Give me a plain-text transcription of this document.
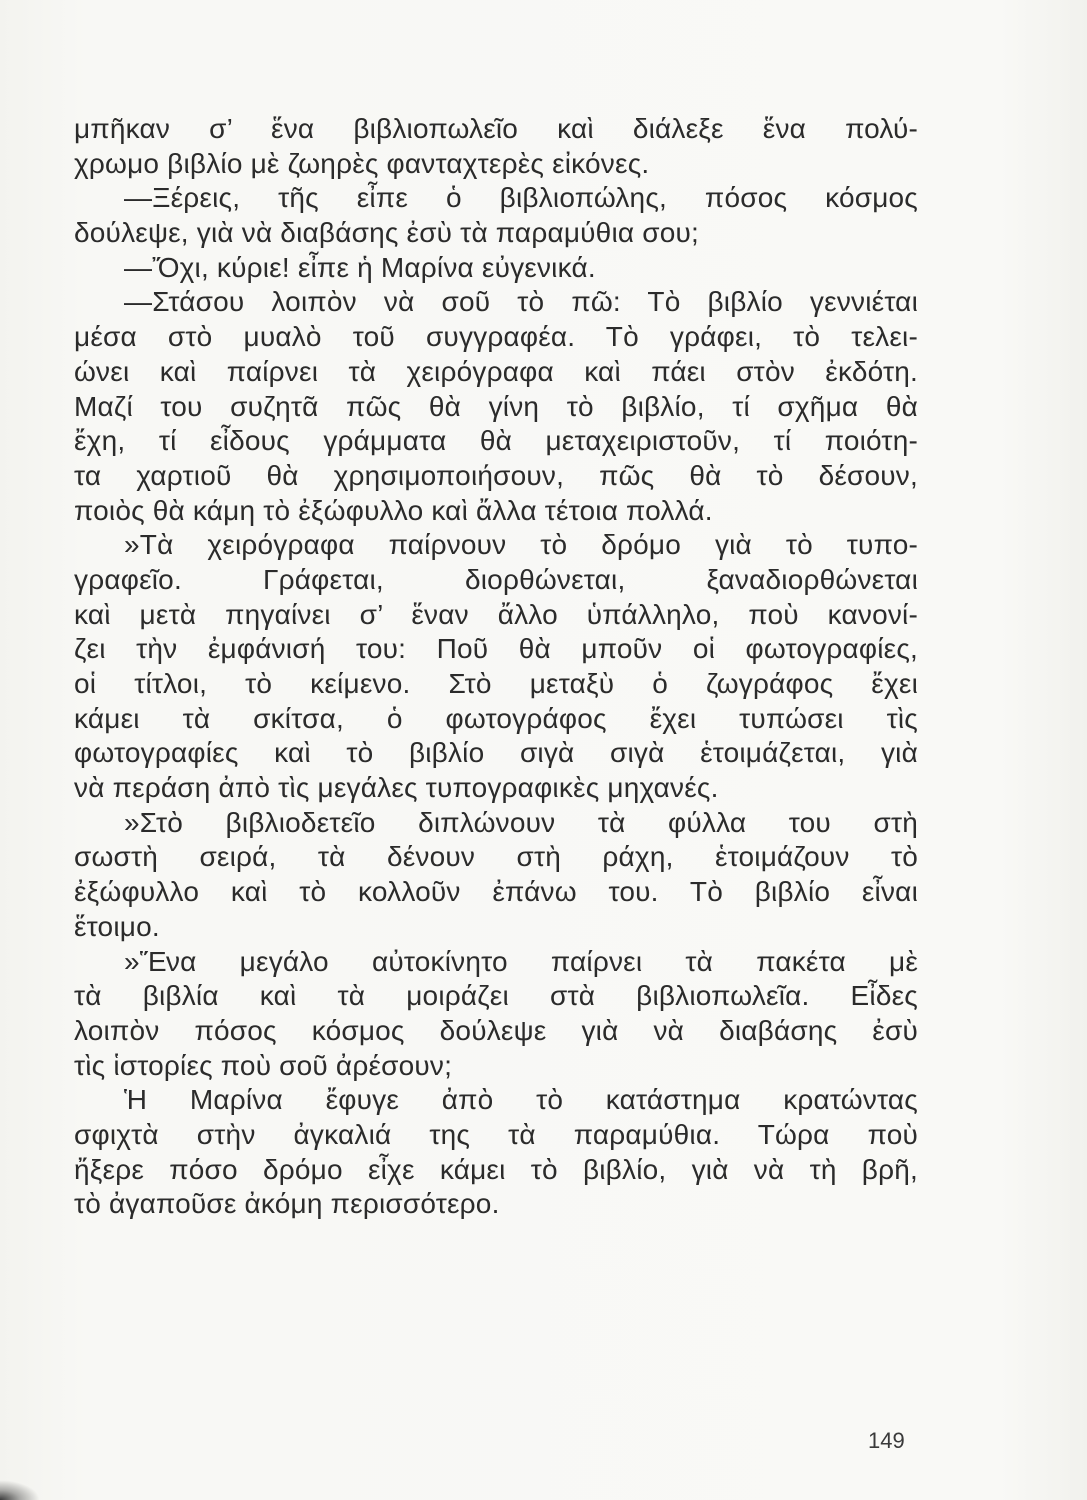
μπῆκαν σ’ ἕνα βιβλιοπωλεῖο καὶ διάλεξε ἕνα πολύ-
χρωμο βιβλίο μὲ ζωηρὲς φανταχτερὲς εἰκόνες.
—Ξέρεις, τῆς εἶπε ὁ βιβλιοπώλης, πόσος κόσμος
δούλεψε, γιὰ νὰ διαβάσης ἐσὺ τὰ παραμύθια σου;
—Ὄχι, κύριε! εἶπε ἡ Μαρίνα εὐγενικά.
—Στάσου λοιπὸν νὰ σοῦ τὸ πῶ: Τὸ βιβλίο γεννιέται
μέσα στὸ μυαλὸ τοῦ συγγραφέα. Τὸ γράφει, τὸ τελει-
ώνει καὶ παίρνει τὰ χειρόγραφα καὶ πάει στὸν ἐκδότη.
Μαζί του συζητᾶ πῶς θὰ γίνη τὸ βιβλίο, τί σχῆμα θὰ
ἔχη, τί εἶδους γράμματα θὰ μεταχειριστοῦν, τί ποιότη-
τα χαρτιοῦ θὰ χρησιμοποιήσουν, πῶς θὰ τὸ δέσουν,
ποιὸς θὰ κάμη τὸ ἐξώφυλλο καὶ ἄλλα τέτοια πολλά.
»Τὰ χειρόγραφα παίρνουν τὸ δρόμο γιὰ τὸ τυπο-
γραφεῖο. Γράφεται, διορθώνεται, ξαναδιορθώνεται
καὶ μετὰ πηγαίνει σ’ ἕναν ἄλλο ὑπάλληλο, ποὺ κανονί-
ζει τὴν ἐμφάνισή του: Ποῦ θὰ μποῦν οἱ φωτογραφίες,
οἱ τίτλοι, τὸ κείμενο. Στὸ μεταξὺ ὁ ζωγράφος ἔχει
κάμει τὰ σκίτσα, ὁ φωτογράφος ἔχει τυπώσει τὶς
φωτογραφίες καὶ τὸ βιβλίο σιγὰ σιγὰ ἑτοιμάζεται, γιὰ
νὰ περάση ἀπὸ τὶς μεγάλες τυπογραφικὲς μηχανές.
»Στὸ βιβλιοδετεῖο διπλώνουν τὰ φύλλα του στὴ
σωστὴ σειρά, τὰ δένουν στὴ ράχη, ἑτοιμάζουν τὸ
ἐξώφυλλο καὶ τὸ κολλοῦν ἐπάνω του. Τὸ βιβλίο εἶναι
ἕτοιμο.
»Ἕνα μεγάλο αὐτοκίνητο παίρνει τὰ πακέτα μὲ
τὰ βιβλία καὶ τὰ μοιράζει στὰ βιβλιοπωλεῖα. Εἶδες
λοιπὸν πόσος κόσμος δούλεψε γιὰ νὰ διαβάσης ἐσὺ
τὶς ἱστορίες ποὺ σοῦ ἀρέσουν;
Ἡ Μαρίνα ἔφυγε ἀπὸ τὸ κατάστημα κρατώντας
σφιχτὰ στὴν ἀγκαλιά της τὰ παραμύθια. Τώρα ποὺ
ἤξερε πόσο δρόμο εἶχε κάμει τὸ βιβλίο, γιὰ νὰ τὴ βρῆ,
τὸ ἀγαποῦσε ἀκόμη περισσότερο.
149
